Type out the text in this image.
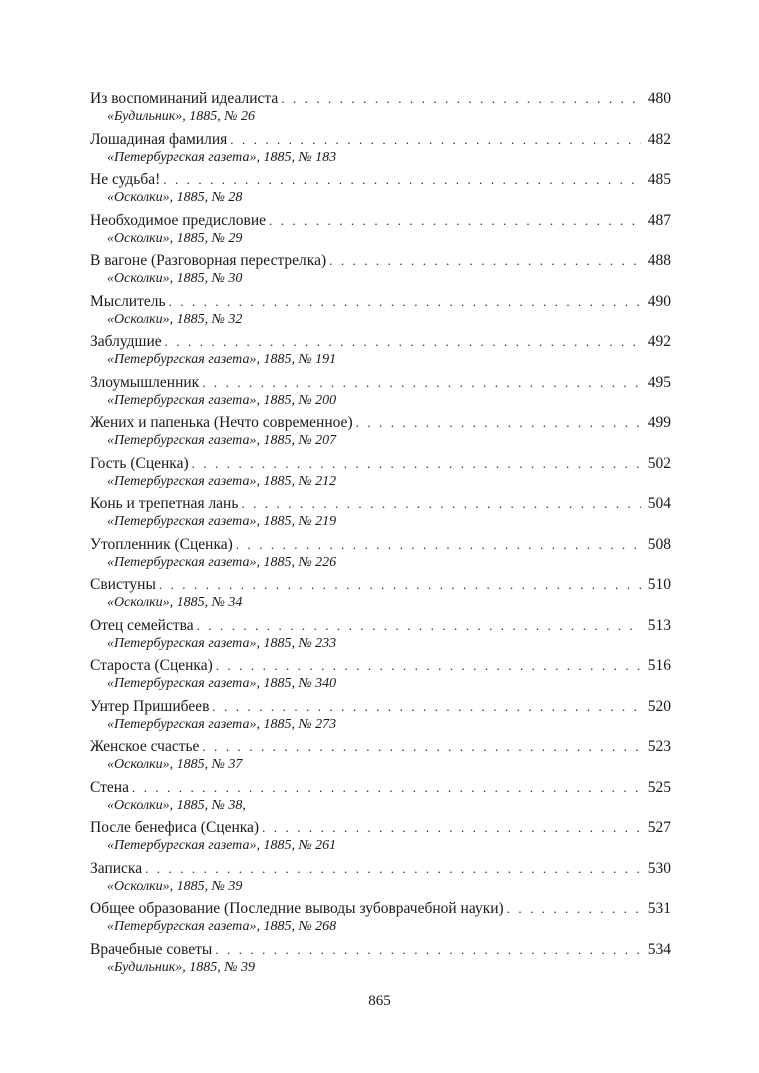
Из воспоминаний идеалиста . . .	480
«Будильник», 1885, № 26
Лошадиная фамилия . . .	482
«Петербургская газета», 1885, № 183
Не судьба! . . .	485
«Осколки», 1885, № 28
Необходимое предисловие . . .	487
«Осколки», 1885, № 29
В вагоне (Разговорная перестрелка) . . .	488
«Осколки», 1885, № 30
Мыслитель . . .	490
«Осколки», 1885, № 32
Заблудшие . . .	492
«Петербургская газета», 1885, № 191
Злоумышленник . . .	495
«Петербургская газета», 1885, № 200
Жених и папенька (Нечто современное) . . .	499
«Петербургская газета», 1885, № 207
Гость (Сценка) . . .	502
«Петербургская газета», 1885, № 212
Конь и трепетная лань . . .	504
«Петербургская газета», 1885, № 219
Утопленник (Сценка) . . .	508
«Петербургская газета», 1885, № 226
Свистуны . . .	510
«Осколки», 1885, № 34
Отец семейства . . .	513
«Петербургская газета», 1885, № 233
Староста (Сценка) . . .	516
«Петербургская газета», 1885, № 340
Унтер Пришибеев . . .	520
«Петербургская газета», 1885, № 273
Женское счастье . . .	523
«Осколки», 1885, № 37
Стена . . .	525
«Осколки», 1885, № 38,
После бенефиса (Сценка) . . .	527
«Петербургская газета», 1885, № 261
Записка . . .	530
«Осколки», 1885, № 39
Общее образование (Последние выводы зубоврачебной науки) . . .	531
«Петербургская газета», 1885, № 268
Врачебные советы . . .	534
«Будильник», 1885, № 39
865
